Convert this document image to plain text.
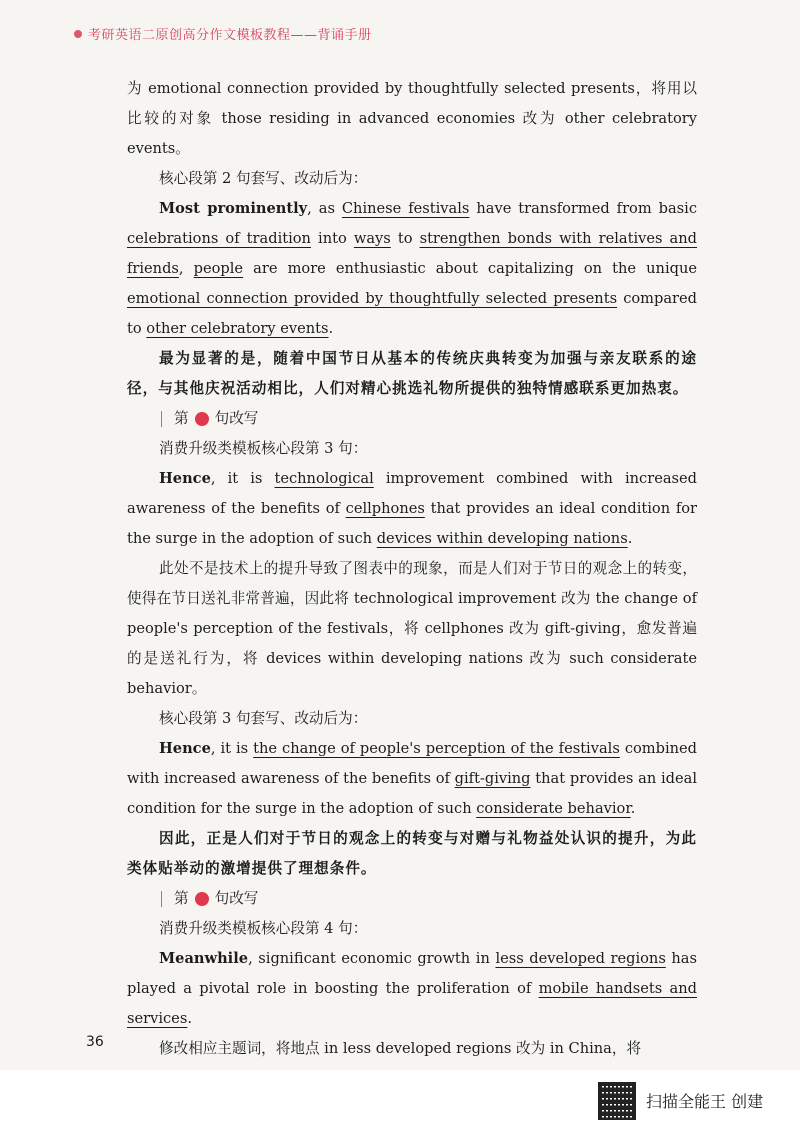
考研英语二原创高分作文模板教程——背诵手册

为 emotional connection provided by thoughtfully selected presents，将用以比较的对象 those residing in advanced economies 改为 other celebratory events。

核心段第 2 句套写、改动后为：

Most prominently, as Chinese festivals have transformed from basic celebrations of tradition into ways to strengthen bonds with relatives and friends, people are more enthusiastic about capitalizing on the unique emotional connection provided by thoughtfully selected presents compared to other celebratory events.

最为显著的是，随着中国节日从基本的传统庆典转变为加强与亲友联系的途径，与其他庆祝活动相比，人们对精心挑选礼物所提供的独特情感联系更加热衷。

第 句改写

消费升级类模板核心段第 3 句：

Hence, it is technological improvement combined with increased awareness of the benefits of cellphones that provides an ideal condition for the surge in the adoption of such devices within developing nations.

此处不是技术上的提升导致了图表中的现象，而是人们对于节日的观念上的转变，使得在节日送礼非常普遍，因此将 technological improvement 改为 the change of people's perception of the festivals，将 cellphones 改为 gift-giving，愈发普遍的是送礼行为，将 devices within developing nations 改为 such considerate behavior。

核心段第 3 句套写、改动后为：

Hence, it is the change of people's perception of the festivals combined with increased awareness of the benefits of gift-giving that provides an ideal condition for the surge in the adoption of such considerate behavior.

因此，正是人们对于节日的观念上的转变与对赠与礼物益处认识的提升，为此类体贴举动的激增提供了理想条件。

第 句改写

消费升级类模板核心段第 4 句：

Meanwhile, significant economic growth in less developed regions has played a pivotal role in boosting the proliferation of mobile handsets and services.

修改相应主题词，将地点 in less developed regions 改为 in China，将

36
扫描全能王 创建
